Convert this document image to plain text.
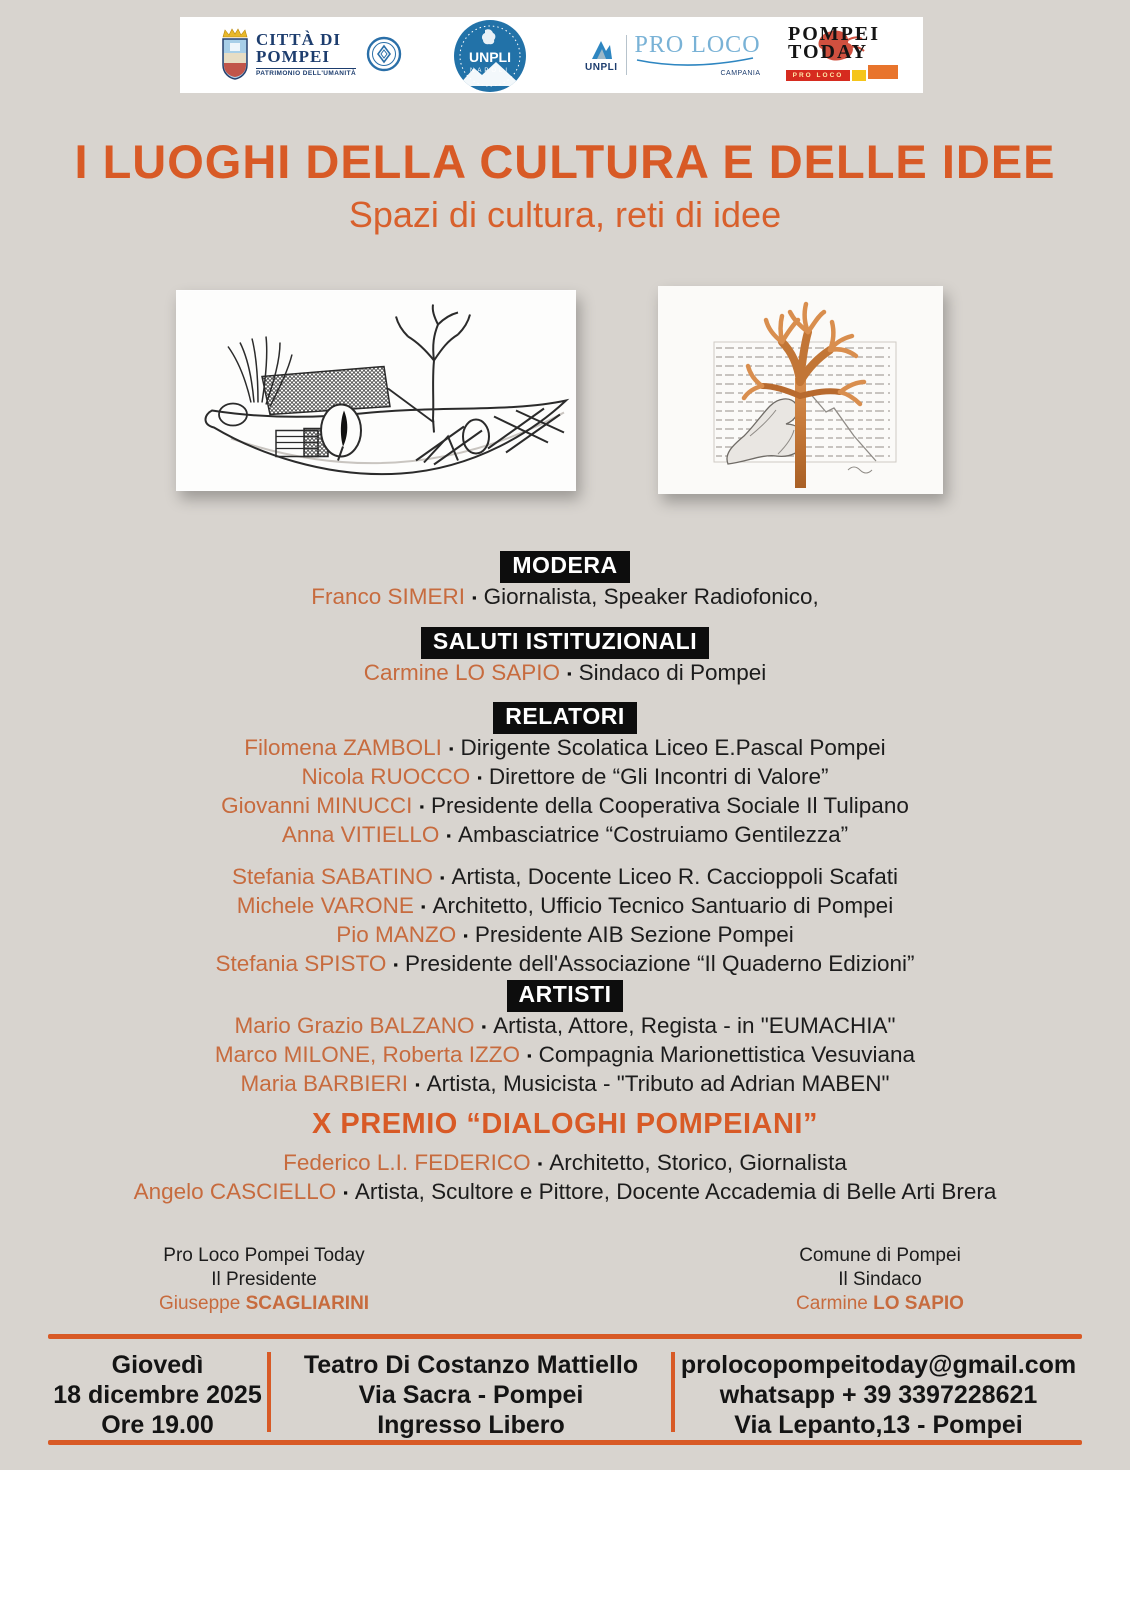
CITTÀ DI
POMPEI
PATRIMONIO DELL'UMANITÀ
UNPLI
NAPOLI	UNPLI
PRO LOCO
CAMPANIA
POMPEI
TODAY
PRO LOCO
I LUOGHI DELLA CULTURA E DELLE IDEE
Spazi di cultura, reti di idee
MODERA
Franco SIMERI ▪ Giornalista, Speaker Radiofonico,
SALUTI ISTITUZIONALI
Carmine LO SAPIO ▪ Sindaco di Pompei
RELATORI
Filomena ZAMBOLI ▪ Dirigente Scolatica Liceo E.Pascal Pompei
Nicola RUOCCO ▪ Direttore de “Gli Incontri di Valore”
Giovanni MINUCCI ▪ Presidente della Cooperativa Sociale Il Tulipano
Anna VITIELLO ▪ Ambasciatrice “Costruiamo Gentilezza”
Stefania SABATINO ▪ Artista, Docente Liceo R. Caccioppoli Scafati
Michele VARONE ▪ Architetto, Ufficio Tecnico Santuario di Pompei
Pio MANZO ▪ Presidente AIB Sezione Pompei
Stefania SPISTO ▪ Presidente dell'Associazione “Il Quaderno Edizioni”
ARTISTI
Mario Grazio BALZANO ▪ Artista, Attore, Regista - in "EUMACHIA"
Marco MILONE, Roberta IZZO ▪ Compagnia Marionettistica Vesuviana
Maria BARBIERI ▪ Artista, Musicista - "Tributo ad Adrian MABEN"
X PREMIO “DIALOGHI POMPEIANI”
Federico L.I. FEDERICO ▪ Architetto, Storico, Giornalista
Angelo CASCIELLO ▪ Artista, Scultore e Pittore, Docente Accademia di Belle Arti Brera
Pro Loco Pompei Today
Il Presidente
Giuseppe SCAGLIARINI
Comune di Pompei
Il Sindaco
Carmine LO SAPIO
Giovedì
18 dicembre 2025
Ore 19.00
Teatro Di Costanzo Mattiello
Via Sacra - Pompei
Ingresso Libero
prolocopompeitoday@gmail.com
whatsapp + 39 3397228621
Via Lepanto,13 - Pompei
